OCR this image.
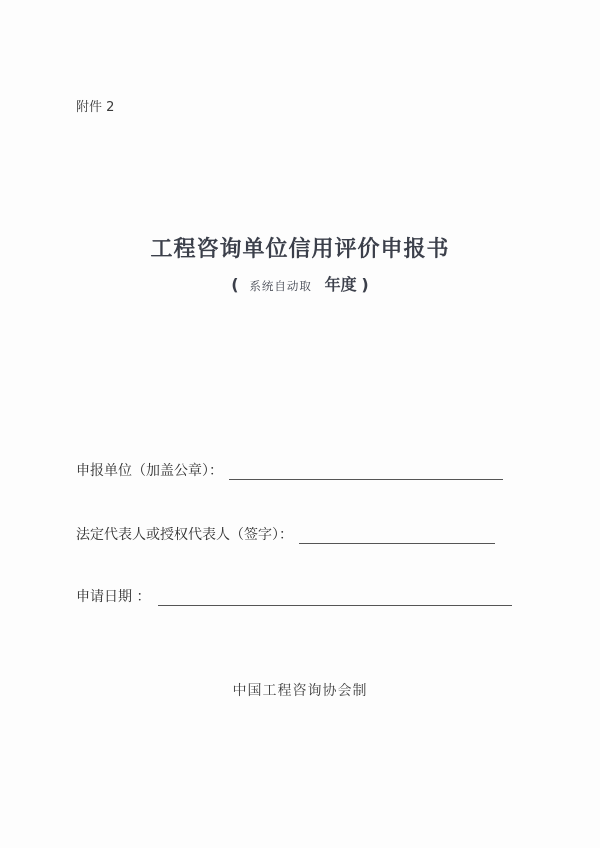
附件 2
工程咨询单位信用评价申报书
( 系统自动取 年度 )
申报单位（加盖公章）：
法定代表人或授权代表人（签字）：
申请日期 ：
中国工程咨询协会制
